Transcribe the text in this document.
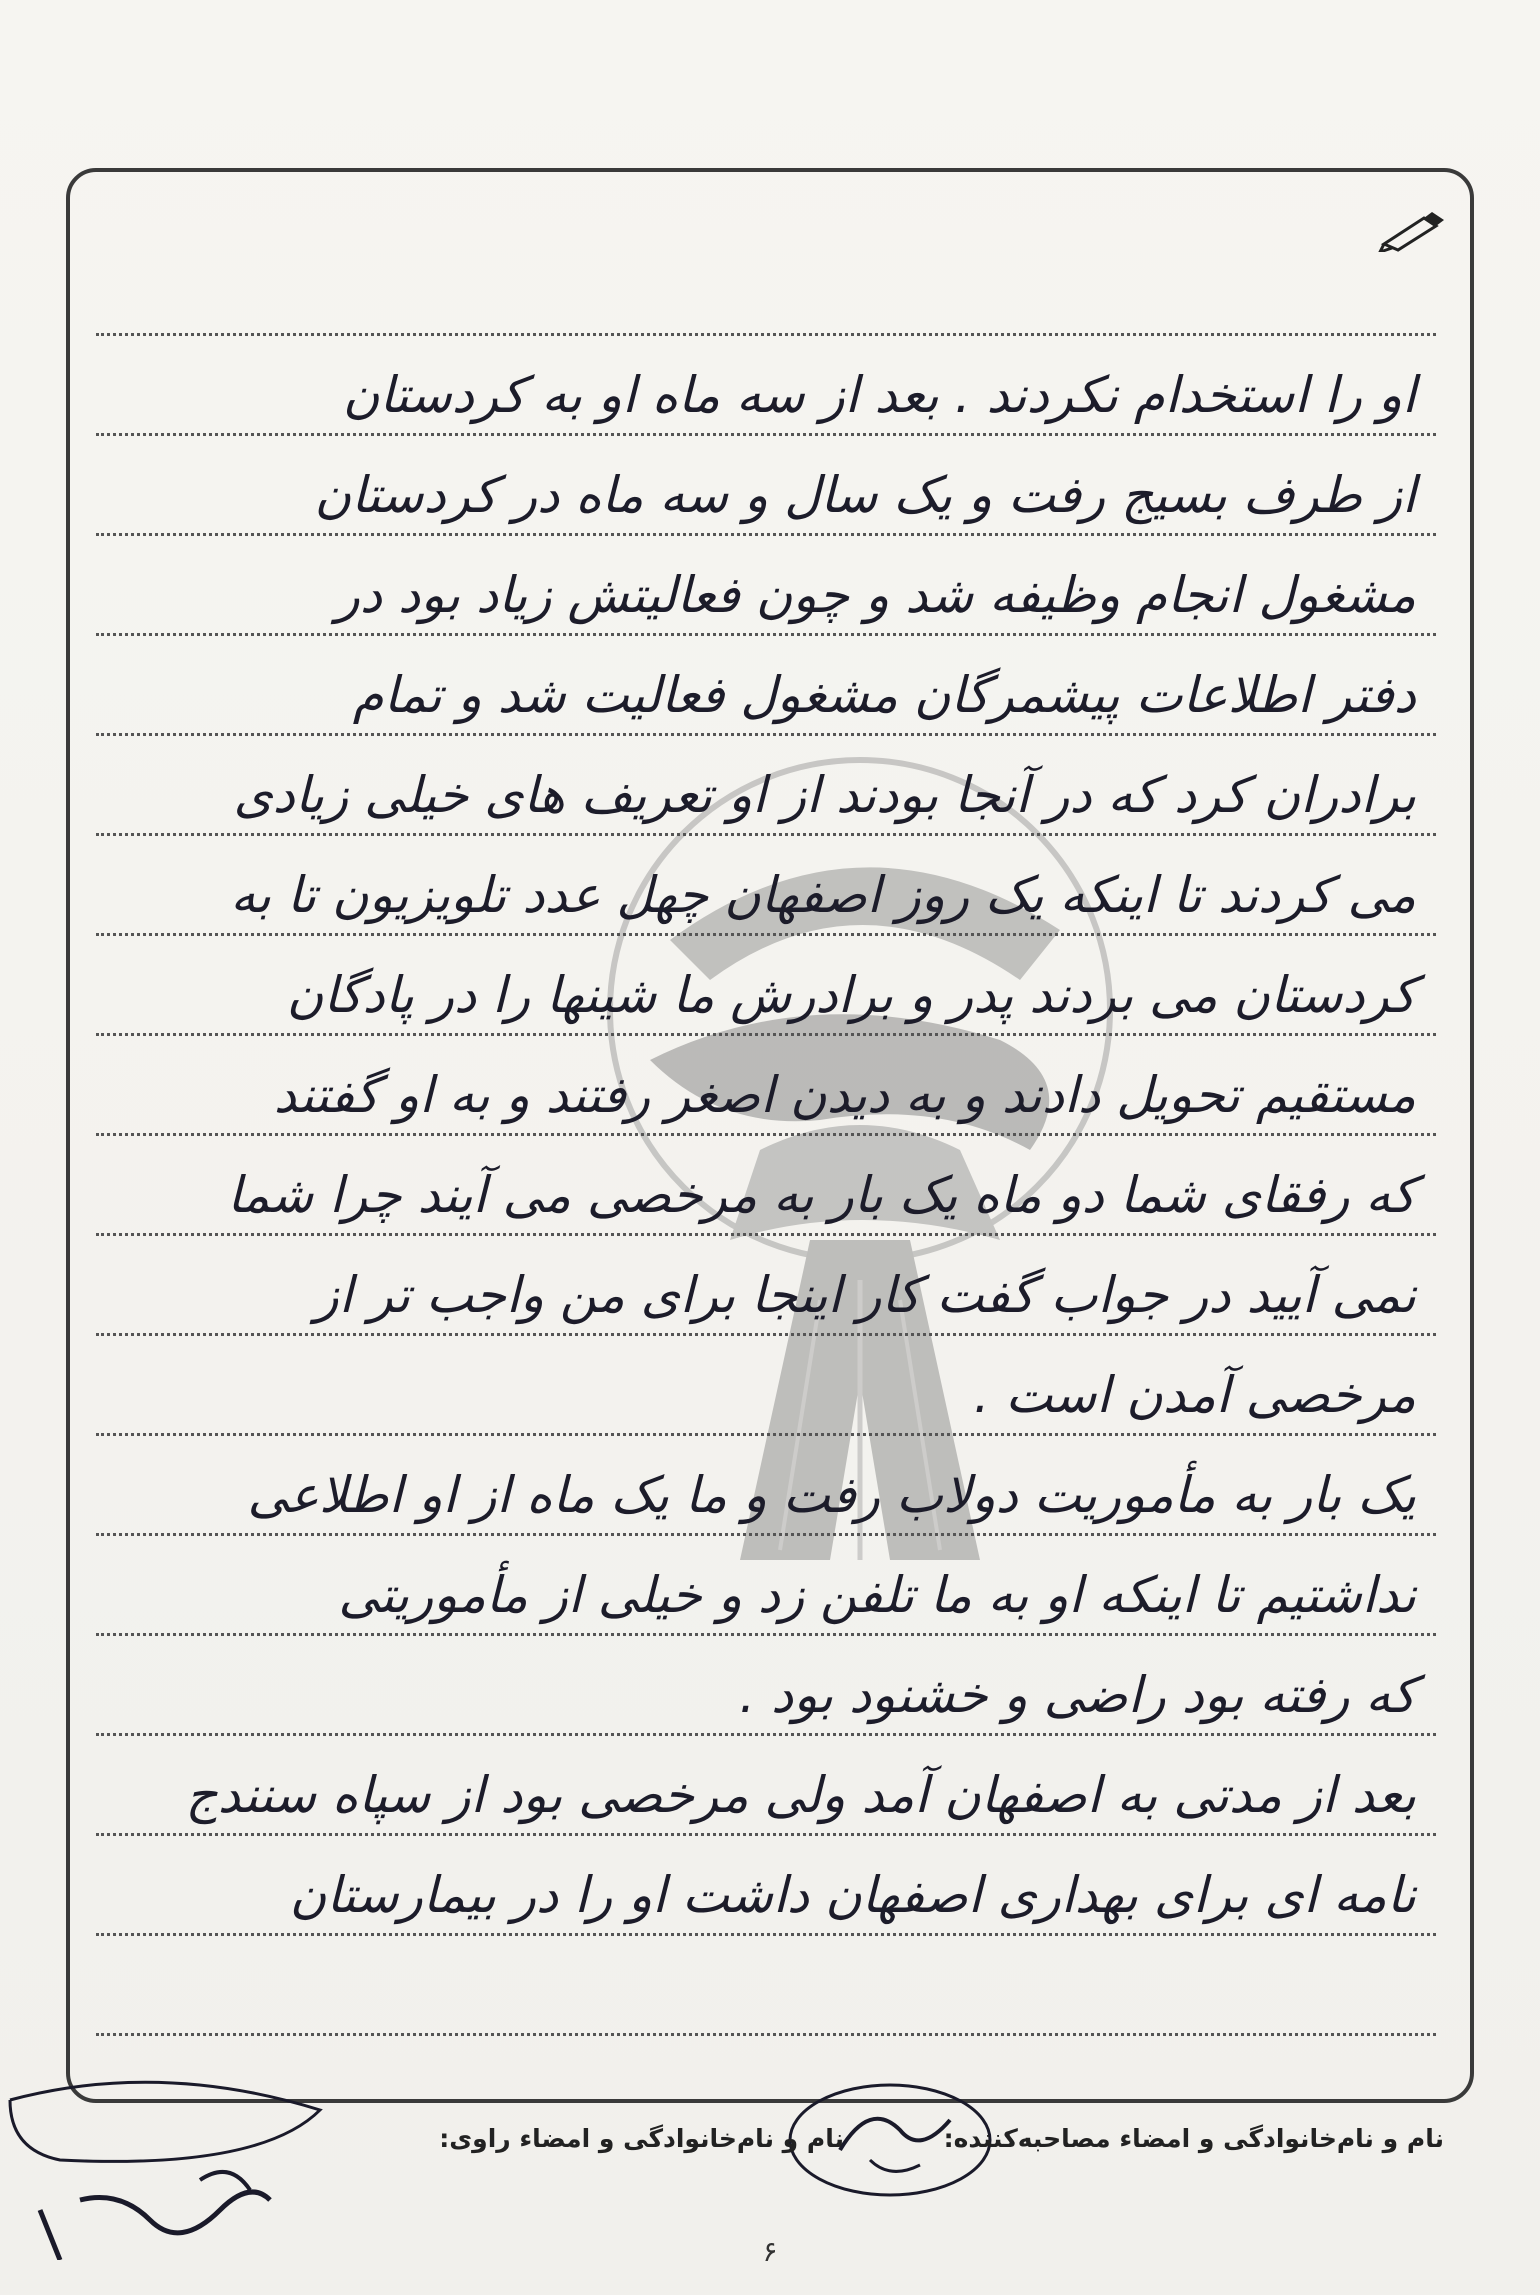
او را استخدام نکردند . بعد از سه ماه او به کردستان
از طرف بسیج رفت و یک سال و سه ماه در کردستان
مشغول انجام وظیفه شد و چون فعالیتش زیاد بود در
دفتر اطلاعات پیشمرگان مشغول فعالیت شد و تمام
برادران کرد که در آنجا بودند از او تعریف های خیلی زیادی
می کردند تا اینکه یک روز اصفهان چهل عدد تلویزیون تا به
کردستان می بردند پدر و برادرش ما شینها را در پادگان
مستقیم تحویل دادند و به دیدن اصغر رفتند و به او گفتند
که رفقای شما دو ماه یک بار به مرخصی می آیند چرا شما
نمی آیید در جواب گفت کار اینجا برای من واجب تر از
مرخصی آمدن است .
یک بار به مأموریت دولاب رفت و ما یک ماه از او اطلاعی
نداشتیم تا اینکه او به ما تلفن زد و خیلی از مأموریتی
که رفته بود راضی و خشنود بود .
بعد از مدتی به اصفهان آمد ولی مرخصی بود از سپاه سنندج
نامه ای برای بهداری اصفهان داشت او را در بیمارستان
نام و نام‌خانوادگی و امضاء مصاحبه‌کننده:
نام و نام‌خانوادگی و امضاء راوی:
۶
